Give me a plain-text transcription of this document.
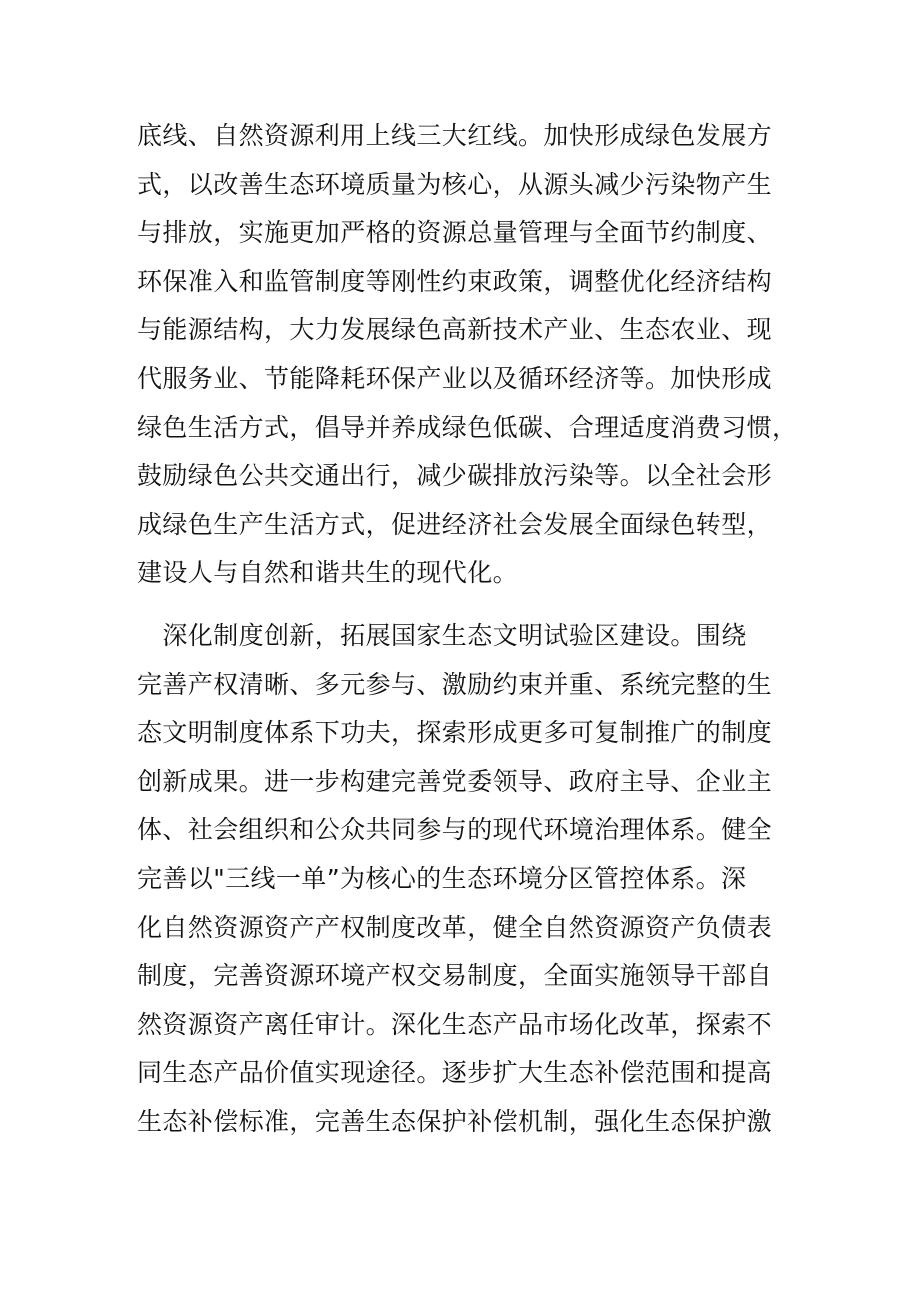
底线、自然资源利用上线三大红线。加快形成绿色发展方
式，以改善生态环境质量为核心，从源头减少污染物产生
与排放，实施更加严格的资源总量管理与全面节约制度、
环保准入和监管制度等刚性约束政策，调整优化经济结构
与能源结构，大力发展绿色高新技术产业、生态农业、现
代服务业、节能降耗环保产业以及循环经济等。加快形成
绿色生活方式，倡导并养成绿色低碳、合理适度消费习惯，
鼓励绿色公共交通出行，减少碳排放污染等。以全社会形
成绿色生产生活方式，促进经济社会发展全面绿色转型，
建设人与自然和谐共生的现代化。

　深化制度创新，拓展国家生态文明试验区建设。围绕
完善产权清晰、多元参与、激励约束并重、系统完整的生
态文明制度体系下功夫，探索形成更多可复制推广的制度
创新成果。进一步构建完善党委领导、政府主导、企业主
体、社会组织和公众共同参与的现代环境治理体系。健全
完善以"三线一单”为核心的生态环境分区管控体系。深
化自然资源资产产权制度改革，健全自然资源资产负债表
制度，完善资源环境产权交易制度，全面实施领导干部自
然资源资产离任审计。深化生态产品市场化改革，探索不
同生态产品价值实现途径。逐步扩大生态补偿范围和提高
生态补偿标准，完善生态保护补偿机制，强化生态保护激
